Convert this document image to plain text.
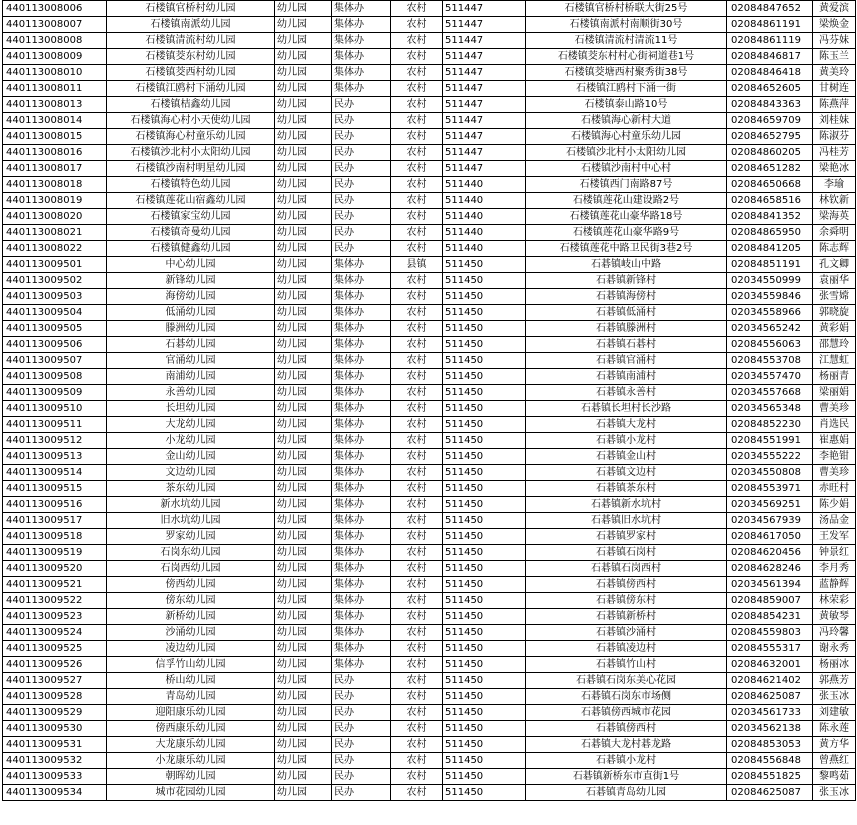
440113008006	石楼镇官桥村幼儿园	幼儿园	集体办	农村	511447	石楼镇官桥村桥联大街25号	02084847652	黄爱滨
440113008007	石楼镇南派幼儿园	幼儿园	集体办	农村	511447	石楼镇南派村南顺街30号	02084861191	梁焕金
440113008008	石楼镇清流村幼儿园	幼儿园	集体办	农村	511447	石楼镇清流村清流11号	02084861119	冯芬妹
440113008009	石楼镇茭东村幼儿园	幼儿园	集体办	农村	511447	石楼镇茭东村村心街祠道巷1号	02084846817	陈玉兰
440113008010	石楼镇茭西村幼儿园	幼儿园	集体办	农村	511447	石楼镇茭塘西村聚秀街38号	02084846418	黄美玲
440113008011	石楼镇江鸥村下涌幼儿园	幼儿园	集体办	农村	511447	石楼镇江鸥村下涌一街	02084652605	甘树连
440113008013	石楼镇桔鑫幼儿园	幼儿园	民办	农村	511447	石楼镇泰山路10号	02084843363	陈燕萍
440113008014	石楼镇海心村小天使幼儿园	幼儿园	民办	农村	511447	石楼镇海心新村大道	02084659709	刘桂妹
440113008015	石楼镇海心村童乐幼儿园	幼儿园	民办	农村	511447	石楼镇海心村童乐幼儿园	02084652795	陈淑芬
440113008016	石楼镇沙北村小太阳幼儿园	幼儿园	民办	农村	511447	石楼镇沙北村小太阳幼儿园	02084860205	冯桂芳
440113008017	石楼镇沙南村明星幼儿园	幼儿园	民办	农村	511447	石楼镇沙南村中心村	02084651282	梁艳冰
440113008018	石楼镇特色幼儿园	幼儿园	民办	农村	511440	石楼镇西门南路87号	02084650668	李瑜
440113008019	石楼镇莲花山宿鑫幼儿园	幼儿园	民办	农村	511440	石楼镇莲花山建设路2号	02084658516	林钦新
440113008020	石楼镇家宝幼儿园	幼儿园	民办	农村	511440	石楼镇莲花山豪华路18号	02084841352	梁海英
440113008021	石楼镇奇曼幼儿园	幼儿园	民办	农村	511440	石楼镇莲花山豪华路9号	02084865950	余舜明
440113008022	石楼镇健鑫幼儿园	幼儿园	民办	农村	511440	石楼镇莲花中路卫民街3巷2号	02084841205	陈志辉
440113009501	中心幼儿园	幼儿园	集体办	县镇	511450	石碁镇岐山中路	02084851191	孔文卿
440113009502	新锋幼儿园	幼儿园	集体办	农村	511450	石碁镇新锋村	02034550999	袁丽华
440113009503	海傍幼儿园	幼儿园	集体办	农村	511450	石碁镇海傍村	02034559846	张雪嫦
440113009504	低涌幼儿园	幼儿园	集体办	农村	511450	石碁镇低涌村	02034558966	郭晓旋
440113009505	滕洲幼儿园	幼儿园	集体办	农村	511450	石碁镇滕洲村	02034565242	黄彩娟
440113009506	石碁幼儿园	幼儿园	集体办	农村	511450	石碁镇石碁村	02084556063	邵慧玲
440113009507	官涌幼儿园	幼儿园	集体办	农村	511450	石碁镇官涌村	02084553708	江慧虹
440113009508	南浦幼儿园	幼儿园	集体办	农村	511450	石碁镇南浦村	02034557470	杨丽青
440113009509	永善幼儿园	幼儿园	集体办	农村	511450	石碁镇永善村	02034557668	梁丽娟
440113009510	长坦幼儿园	幼儿园	集体办	农村	511450	石碁镇长坦村长沙路	02034565348	曹美珍
440113009511	大龙幼儿园	幼儿园	集体办	农村	511450	石碁镇大龙村	02084852230	肖选民
440113009512	小龙幼儿园	幼儿园	集体办	农村	511450	石碁镇小龙村	02084551991	崔惠娟
440113009513	金山幼儿园	幼儿园	集体办	农村	511450	石碁镇金山村	02034555222	李艳钳
440113009514	文边幼儿园	幼儿园	集体办	农村	511450	石碁镇文边村	02034550808	曹美珍
440113009515	茶东幼儿园	幼儿园	集体办	农村	511450	石碁镇茶东村	02084553971	赤旺村
440113009516	新水坑幼儿园	幼儿园	集体办	农村	511450	石碁镇新水坑村	02034569251	陈少娟
440113009517	旧水坑幼儿园	幼儿园	集体办	农村	511450	石碁镇旧水坑村	02034567939	汤品金
440113009518	罗家幼儿园	幼儿园	集体办	农村	511450	石碁镇罗家村	02084617050	王发军
440113009519	石岗东幼儿园	幼儿园	集体办	农村	511450	石碁镇石岗村	02084620456	钟景红
440113009520	石岗西幼儿园	幼儿园	集体办	农村	511450	石碁镇石岗西村	02084628246	李月秀
440113009521	傍西幼儿园	幼儿园	集体办	农村	511450	石碁镇傍西村	02034561394	蓝静辉
440113009522	傍东幼儿园	幼儿园	集体办	农村	511450	石碁镇傍东村	02084859007	林荣彩
440113009523	新桥幼儿园	幼儿园	集体办	农村	511450	石碁镇新桥村	02084854231	黄敏琴
440113009524	沙涌幼儿园	幼儿园	集体办	农村	511450	石碁镇沙涌村	02084559803	冯玲馨
440113009525	凌边幼儿园	幼儿园	集体办	农村	511450	石碁镇凌边村	02084555317	谢永秀
440113009526	信孚竹山幼儿园	幼儿园	集体办	农村	511450	石碁镇竹山村	02084632001	杨丽冰
440113009527	桥山幼儿园	幼儿园	民办	农村	511450	石碁镇石岗东美心花园	02084621402	郭燕芳
440113009528	青岛幼儿园	幼儿园	民办	农村	511450	石碁镇石岗东市场侧	02084625087	张玉冰
440113009529	迎阳康乐幼儿园	幼儿园	民办	农村	511450	石碁镇傍西城市花园	02034561733	刘建敏
440113009530	傍西康乐幼儿园	幼儿园	民办	农村	511450	石碁镇傍西村	02034562138	陈永莲
440113009531	大龙康乐幼儿园	幼儿园	民办	农村	511450	石碁镇大龙村碁龙路	02084853053	黄方华
440113009532	小龙康乐幼儿园	幼儿园	民办	农村	511450	石碁镇小龙村	02084556848	曾燕红
440113009533	朝晖幼儿园	幼儿园	民办	农村	511450	石碁镇新桥东市直街1号	02084551825	黎鸣茹
440113009534	城市花园幼儿园	幼儿园	民办	农村	511450	石碁镇青岛幼儿园	02084625087	张玉冰
